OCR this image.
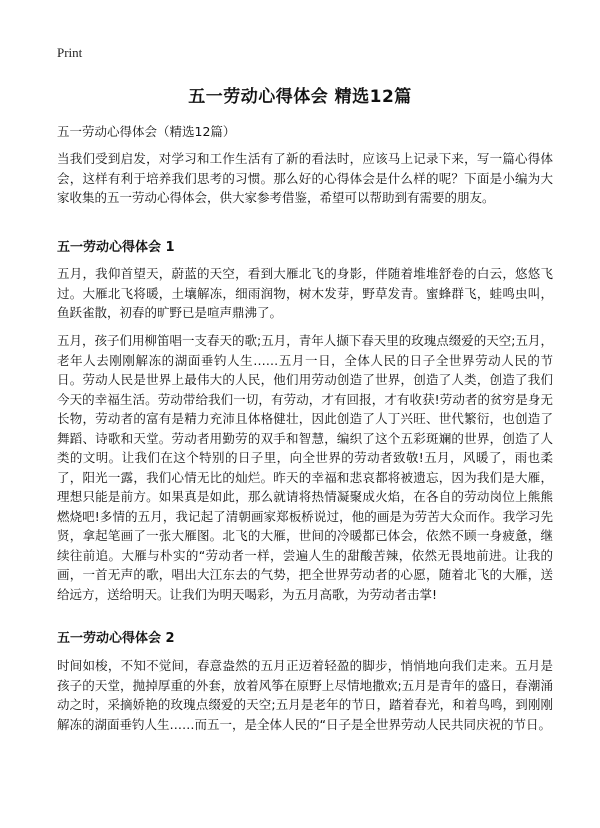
Print
五一劳动心得体会 精选12篇
五一劳动心得体会（精选12篇）
当我们受到启发，对学习和工作生活有了新的看法时，应该马上记录下来，写一篇心得体会，这样有利于培养我们思考的习惯。那么好的心得体会是什么样的呢？下面是小编为大家收集的五一劳动心得体会，供大家参考借鉴，希望可以帮助到有需要的朋友。
五一劳动心得体会 1
五月，我仰首望天，蔚蓝的天空，看到大雁北飞的身影，伴随着堆堆舒卷的白云，悠悠飞过。大雁北飞将暖，土壤解冻，细雨润物，树木发芽，野草发青。蜜蜂群飞，蛙鸣虫叫，鱼跃雀散，初春的旷野已是喧声鼎沸了。
五月，孩子们用柳笛唱一支春天的歌;五月，青年人撷下春天里的玫瑰点缀爱的天空;五月，老年人去刚刚解冻的湖面垂钓人生……五月一日，全体人民的日子全世界劳动人民的节日。劳动人民是世界上最伟大的人民，他们用劳动创造了世界，创造了人类，创造了我们今天的幸福生活。劳动带给我们一切，有劳动，才有回报，才有收获!劳动者的贫穷是身无长物，劳动者的富有是精力充沛且体格健壮，因此创造了人丁兴旺、世代繁衍，也创造了舞蹈、诗歌和天堂。劳动者用勤劳的双手和智慧，编织了这个五彩斑斓的世界，创造了人类的文明。让我们在这个特别的日子里，向全世界的劳动者致敬!五月，风暖了，雨也柔了，阳光一露，我们心情无比的灿烂。昨天的幸福和悲哀都将被遗忘，因为我们是大雁，理想只能是前方。如果真是如此，那么就请将热情凝聚成火焰，在各自的劳动岗位上熊熊燃烧吧!多情的五月，我记起了清朝画家郑板桥说过，他的画是为劳苦大众而作。我学习先贤，拿起笔画了一张大雁图。北飞的大雁，世间的冷暖都已体会，依然不顾一身疲惫，继续往前追。大雁与朴实的“劳动者一样，尝遍人生的甜酸苦辣，依然无畏地前进。让我的画，一首无声的歌，唱出大江东去的气势，把全世界劳动者的心愿，随着北飞的大雁，送给远方，送给明天。让我们为明天喝彩，为五月高歌，为劳动者击掌!
五一劳动心得体会 2
时间如梭，不知不觉间，春意盎然的五月正迈着轻盈的脚步，悄悄地向我们走来。五月是孩子的天堂，抛掉厚重的外套，放着风筝在原野上尽情地撒欢;五月是青年的盛日，春潮涌动之时，采摘娇艳的玫瑰点缀爱的天空;五月是老年的节日，踏着春光，和着鸟鸣，到刚刚解冻的湖面垂钓人生……而五一，是全体人民的“日子是全世界劳动人民共同庆祝的节日。
